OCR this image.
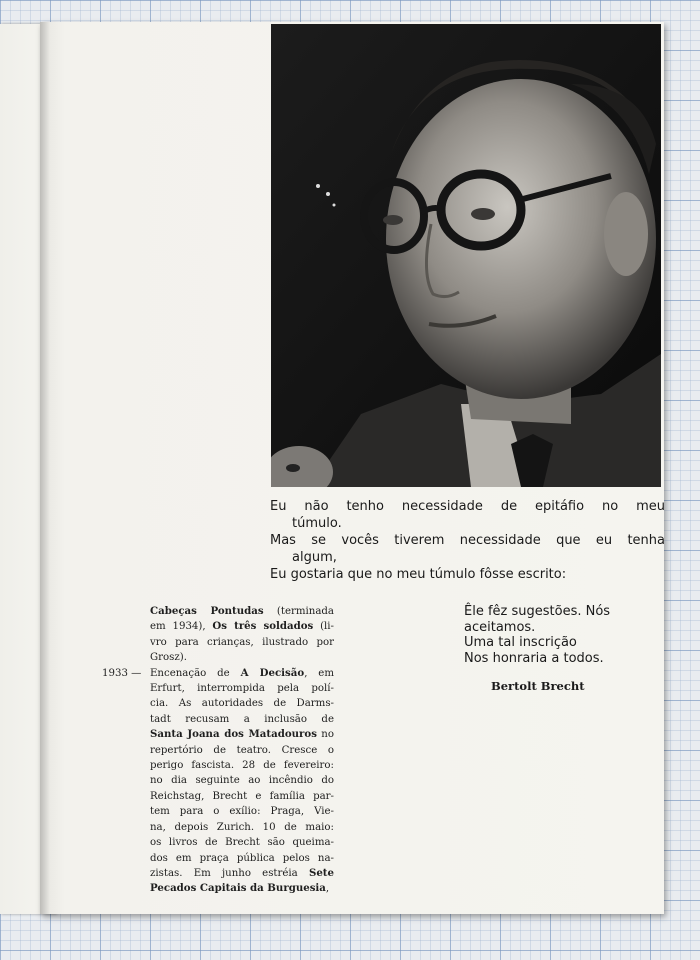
Eu não tenho necessidade de epitáfio no meu
túmulo.
Mas se vocês tiverem necessidade que eu tenha
algum,
Eu gostaria que no meu túmulo fôsse escrito:
Êle fêz sugestões. Nós
aceitamos.
Uma tal inscrição
Nos honraria a todos.
Bertolt Brecht
Cabeças Pontudas (terminada
em 1934), Os três soldados (li-
vro para crianças, ilustrado por
Grosz).
1933 — Encenação de A Decisão, em
Erfurt, interrompida pela polí-
cia. As autoridades de Darms-
tadt recusam a inclusão de
Santa Joana dos Matadouros no
repertório de teatro. Cresce o
perigo fascista. 28 de fevereiro:
no dia seguinte ao incêndio do
Reichstag, Brecht e família par-
tem para o exílio: Praga, Vie-
na, depois Zurich. 10 de maio:
os livros de Brecht são queima-
dos em praça pública pelos na-
zistas. Em junho estréia Sete
Pecados Capitais da Burguesia,
